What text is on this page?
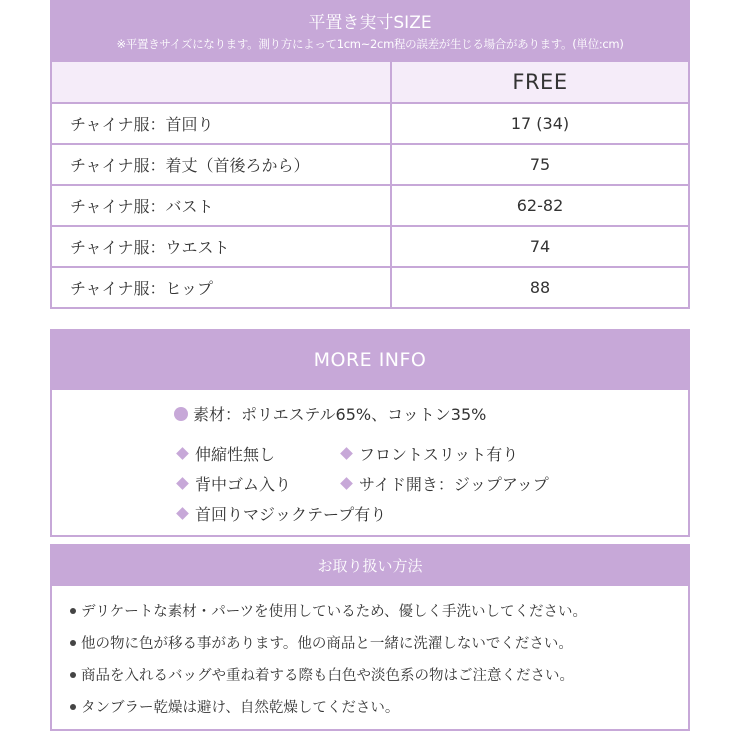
平置き実寸SIZE
※平置きサイズになります。測り方によって1cm~2cm程の誤差が生じる場合があります。(単位:cm)
	FREE
チャイナ服：首回り	17 (34)
チャイナ服：着丈（首後ろから）	75
チャイナ服：バスト	62-82
チャイナ服：ウエスト	74
チャイナ服：ヒップ	88
MORE INFO
素材：ポリエステル65%、コットン35%
伸縮性無し	フロントスリット有り
背中ゴム入り	サイド開き：ジップアップ
首回りマジックテープ有り
お取り扱い方法
デリケートな素材・パーツを使用しているため、優しく手洗いしてください。
他の物に色が移る事があります。他の商品と一緒に洗濯しないでください。
商品を入れるバッグや重ね着する際も白色や淡色系の物はご注意ください。
タンブラー乾燥は避け、自然乾燥してください。
